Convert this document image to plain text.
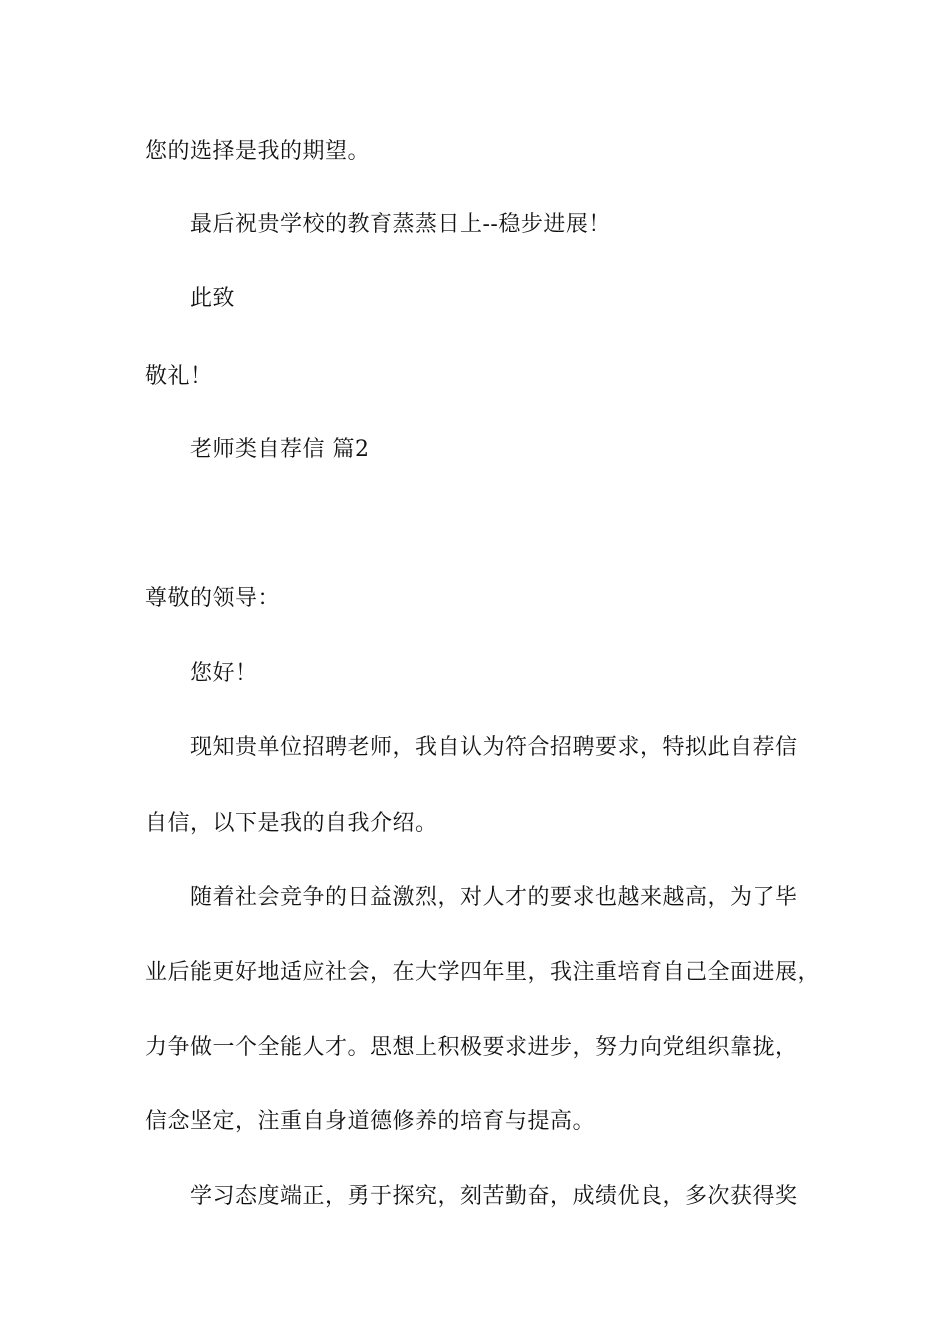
您的选择是我的期望。
最后祝贵学校的教育蒸蒸日上--稳步进展！
此致
敬礼！
老师类自荐信 篇2
尊敬的领导：
您好！
现知贵单位招聘老师，我自认为符合招聘要求，特拟此自荐信
自信，以下是我的自我介绍。
随着社会竞争的日益激烈，对人才的要求也越来越高，为了毕
业后能更好地适应社会，在大学四年里，我注重培育自己全面进展，
力争做一个全能人才。思想上积极要求进步，努力向党组织靠拢，
信念坚定，注重自身道德修养的培育与提高。
学习态度端正，勇于探究，刻苦勤奋，成绩优良，多次获得奖
